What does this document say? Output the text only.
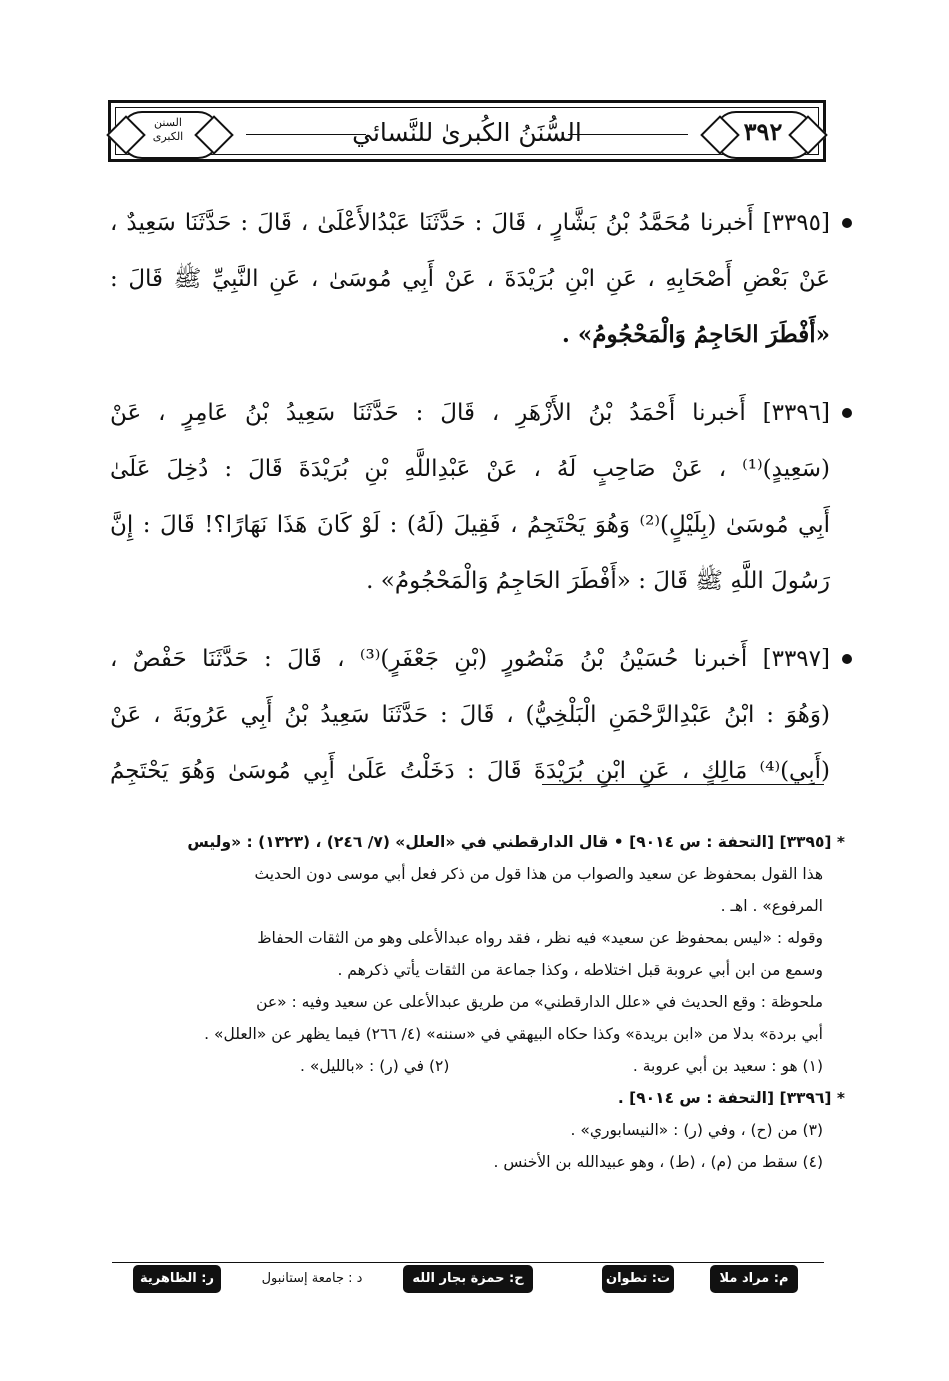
٣٩٢
السنن
الكبرى	السُّنَنُ الكُبرىٰ للنَّسائي
[٣٣٩٥] أَخبرنا مُحَمَّدُ بْنُ بَشَّارٍ ، قَالَ : حَدَّثَنَا عَبْدُالأَعْلَىٰ ، قَالَ : حَدَّثَنَا سَعِيدٌ ،
عَنْ بَعْضِ أَصْحَابِهِ ، عَنِ ابْنِ بُرَيْدَةَ ، عَنْ أَبِي مُوسَىٰ ، عَنِ النَّبِيِّ ﷺ قَالَ :
«أَفْطَرَ الحَاجِمُ وَالْمَحْجُومُ» .
[٣٣٩٦] أَخبرنا أَحْمَدُ بْنُ الأَزْهَرِ ، قَالَ : حَدَّثَنَا سَعِيدُ بْنُ عَامِرٍ ، عَنْ
(سَعِيدٍ)⁽¹⁾ ، عَنْ صَاحِبٍ لَهُ ، عَنْ عَبْدِاللَّهِ بْنِ بُرَيْدَةَ قَالَ : دُخِلَ عَلَىٰ
أَبِي مُوسَىٰ (بِلَيْلٍ)⁽²⁾ وَهُوَ يَحْتَجِمُ ، فَقِيلَ (لَهُ) : لَوْ كَانَ هَذَا نَهَارًا؟! قَالَ : إِنَّ
رَسُولَ اللَّهِ ﷺ قَالَ : «أَفْطَرَ الحَاجِمُ وَالْمَحْجُومُ» .
[٣٣٩٧] أَخبرنا حُسَيْنُ بْنُ مَنْصُورٍ (بْنِ جَعْفَرٍ)⁽³⁾ ، قَالَ : حَدَّثَنَا حَفْصٌ ،
(وَهُوَ : ابْنُ عَبْدِالرَّحْمَنِ الْبَلْخِيُّ) ، قَالَ : حَدَّثَنَا سَعِيدُ بْنُ أَبِي عَرُوبَةَ ، عَنْ
(أَبِي)⁽⁴⁾ مَالِكٍ ، عَنِ ابْنِ بُرَيْدَةَ قَالَ : دَخَلْتُ عَلَىٰ أَبِي مُوسَىٰ وَهُوَ يَحْتَجِمُ
* [٣٣٩٥] [التحفة : س ٩٠١٤] • قال الدارقطني في «العلل» (٧/ ٢٤٦) ، (١٣٢٣) : «وليس
هذا القول بمحفوظ عن سعيد والصواب من هذا قول من ذكر فعل أبي موسى دون الحديث
المرفوع» . اهـ .
وقوله : «ليس بمحفوظ عن سعيد» فيه نظر ، فقد رواه عبدالأعلى وهو من الثقات الحفاظ
وسمع من ابن أبي عروبة قبل اختلاطه ، وكذا جماعة من الثقات يأتي ذكرهم .
ملحوظة : وقع الحديث في «علل الدارقطني» من طريق عبدالأعلى عن سعيد وفيه : «عن
أبي بردة» بدلا من «ابن بريدة» وكذا حكاه البيهقي في «سننه» (٤/ ٢٦٦) فيما يظهر عن «العلل» .
(١) هو : سعيد بن أبي عروبة .
(٢) في (ر) : «بالليل» .
* [٣٣٩٦] [التحفة : س ٩٠١٤] .
(٣) من (ح) ، وفي (ر) : «النيسابوري» .
(٤) سقط من (م) ، (ط) ، وهو عبيدالله بن الأخنس .
م: مراد ملا
ت: تطوان
ح: حمزة بجار الله
د : جامعة إستانبول
ر: الظاهرية
